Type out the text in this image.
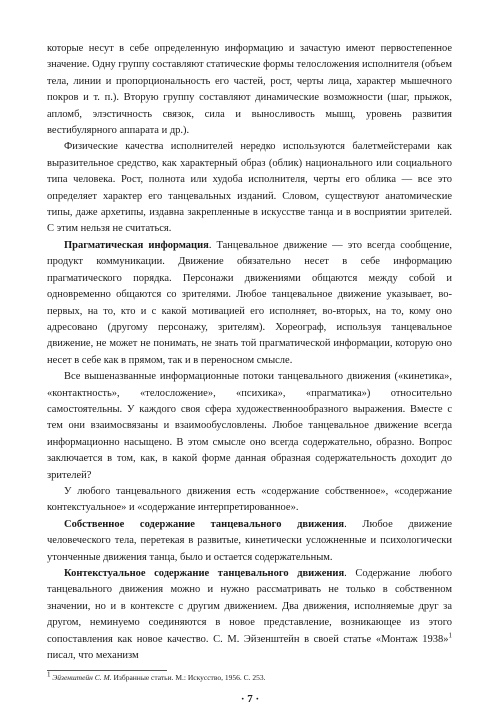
которые несут в себе определенную информацию и зачастую имеют первостепенное значение. Одну группу составляют статические формы телосложения исполнителя (объем тела, линии и пропорциональность его частей, рост, черты лица, характер мышечного покров и т. п.). Вторую группу составляют динамические возможности (шаг, прыжок, апломб, элэстичность связок, сила и выносливость мышц, уровень развития вестибулярного аппарата и др.).

Физические качества исполнителей нередко используются балетмейстерами как выразительное средство, как характерный образ (облик) национального или социального типа человека. Рост, полнота или худоба исполнителя, черты его облика — все это определяет характер его танцевальных изданий. Словом, существуют анатомические типы, даже архетипы, издавна закрепленные в искусстве танца и в восприятии зрителей. С этим нельзя не считаться.

Прагматическая информация. Танцевальное движение — это всегда сообщение, продукт коммуникации. Движение обязательно несет в себе информацию прагматического порядка. Персонажи движениями общаются между собой и одновременно общаются со зрителями. Любое танцевальное движение указывает, во-первых, на то, кто и с какой мотивацией его исполняет, во-вторых, на то, кому оно адресовано (другому персонажу, зрителям). Хореограф, используя танцевальное движение, не может не понимать, не знать той прагматической информации, которую оно несет в себе как в прямом, так и в переносном смысле.

Все вышеназванные информационные потоки танцевального движения («кинетика», «контактность», «телосложение», «психика», «прагматика») относительно самостоятельны. У каждого своя сфера художественнообразного выражения. Вместе с тем они взаимосвязаны и взаимообусловлены. Любое танцевальное движение всегда информационно насыщено. В этом смысле оно всегда содержательно, образно. Вопрос заключается в том, как, в какой форме данная образная содержательность доходит до зрителей?

У любого танцевального движения есть «содержание собственное», «содержание контекстуальное» и «содержание интерпретированное».

Собственное содержание танцевального движения. Любое движение человеческого тела, перетекая в развитые, кинетически усложненные и психологически утонченные движения танца, было и остается содержательным.

Контекстуальное содержание танцевального движения. Содержание любого танцевального движения можно и нужно рассматривать не только в собственном значении, но и в контексте с другим движением. Два движения, исполняемые друг за другом, неминуемо соединяются в новое представление, возникающее из этого сопоставления как новое качество. С. М. Эйзенштейн в своей статье «Монтаж 1938»$^1$ писал, что механизм

$^1$ Эйзенштейн С. М. Избранные статьи. М.: Искусство, 1956. С. 253.
· 7 ·
